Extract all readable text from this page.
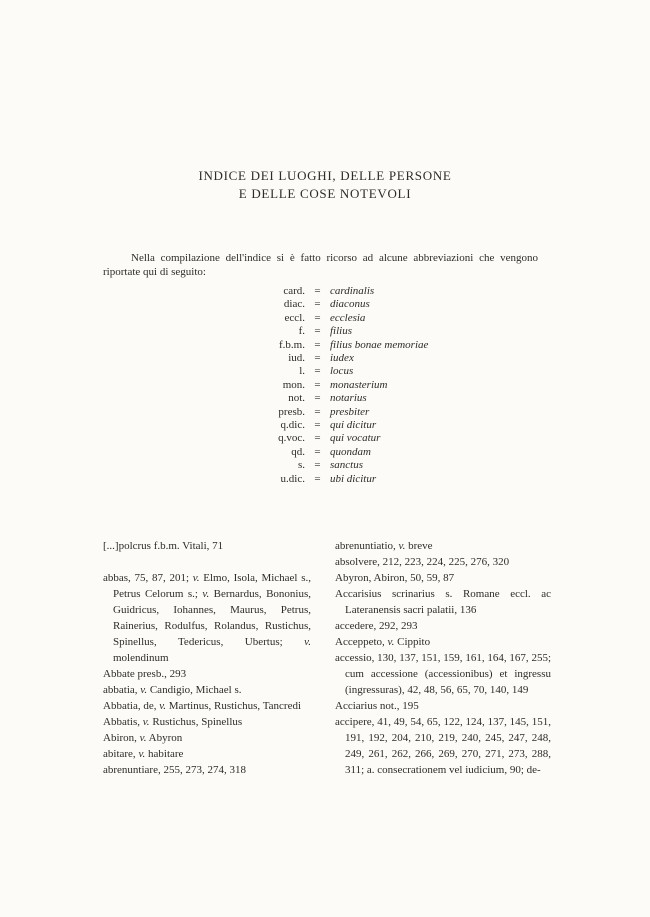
INDICE DEI LUOGHI, DELLE PERSONE
E DELLE COSE NOTEVOLI

Nella compilazione dell'indice si è fatto ricorso ad alcune abbreviazioni che vengono riportate qui di seguito:

card. = cardinalis
diac. = diaconus
eccl. = ecclesia
f. = filius
f.b.m. = filius bonae memoriae
iud. = iudex
l. = locus
mon. = monasterium
not. = notarius
presb. = presbiter
q.dic. = qui dicitur
q.voc. = qui vocatur
qd. = quondam
s. = sanctus
u.dic. = ubi dicitur

[...]polcrus f.b.m. Vitali, 71

abbas, 75, 87, 201; v. Elmo, Isola, Michael s., Petrus Celorum s.; v. Bernardus, Bononius, Guidricus, Iohannes, Maurus, Petrus, Rainerius, Rodulfus, Rolandus, Rustichus, Spinellus, Tedericus, Ubertus; v. molendinum

Abbate presb., 293

abbatia, v. Candigio, Michael s.

Abbatia, de, v. Martinus, Rustichus, Tancredi

Abbatis, v. Rustichus, Spinellus

Abiron, v. Abyron

abitare, v. habitare

abrenuntiare, 255, 273, 274, 318

abrenuntiatio, v. breve

absolvere, 212, 223, 224, 225, 276, 320

Abyron, Abiron, 50, 59, 87

Accarisius scrinarius s. Romane eccl. ac Lateranensis sacri palatii, 136

accedere, 292, 293

Acceppeto, v. Cippito

accessio, 130, 137, 151, 159, 161, 164, 167, 255; cum accessione (accessionibus) et ingressu (ingressuras), 42, 48, 56, 65, 70, 140, 149

Acciarius not., 195

accipere, 41, 49, 54, 65, 122, 124, 137, 145, 151, 191, 192, 204, 210, 219, 240, 245, 247, 248, 249, 261, 262, 266, 269, 270, 271, 273, 288, 311; a. consecrationem vel iudicium, 90; de-
